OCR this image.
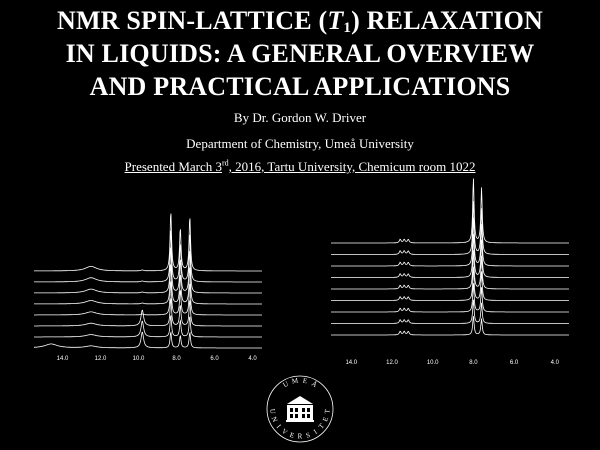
NMR SPIN-LATTICE $(T_1)$ RELAXATION
IN LIQUIDS: A GENERAL OVERVIEW
AND PRACTICAL APPLICATIONS
By Dr. Gordon W. Driver
Department of Chemistry, Umeå University
Presented March 3rd, 2016, Tartu University, Chemicum room 1022
14.0	12.0	10.0	8.0	6.0	4.0
14.0	12.0	10.0	8.0	6.0	4.0
U M E Å
U
N
I
V E R S I
T
E
T
